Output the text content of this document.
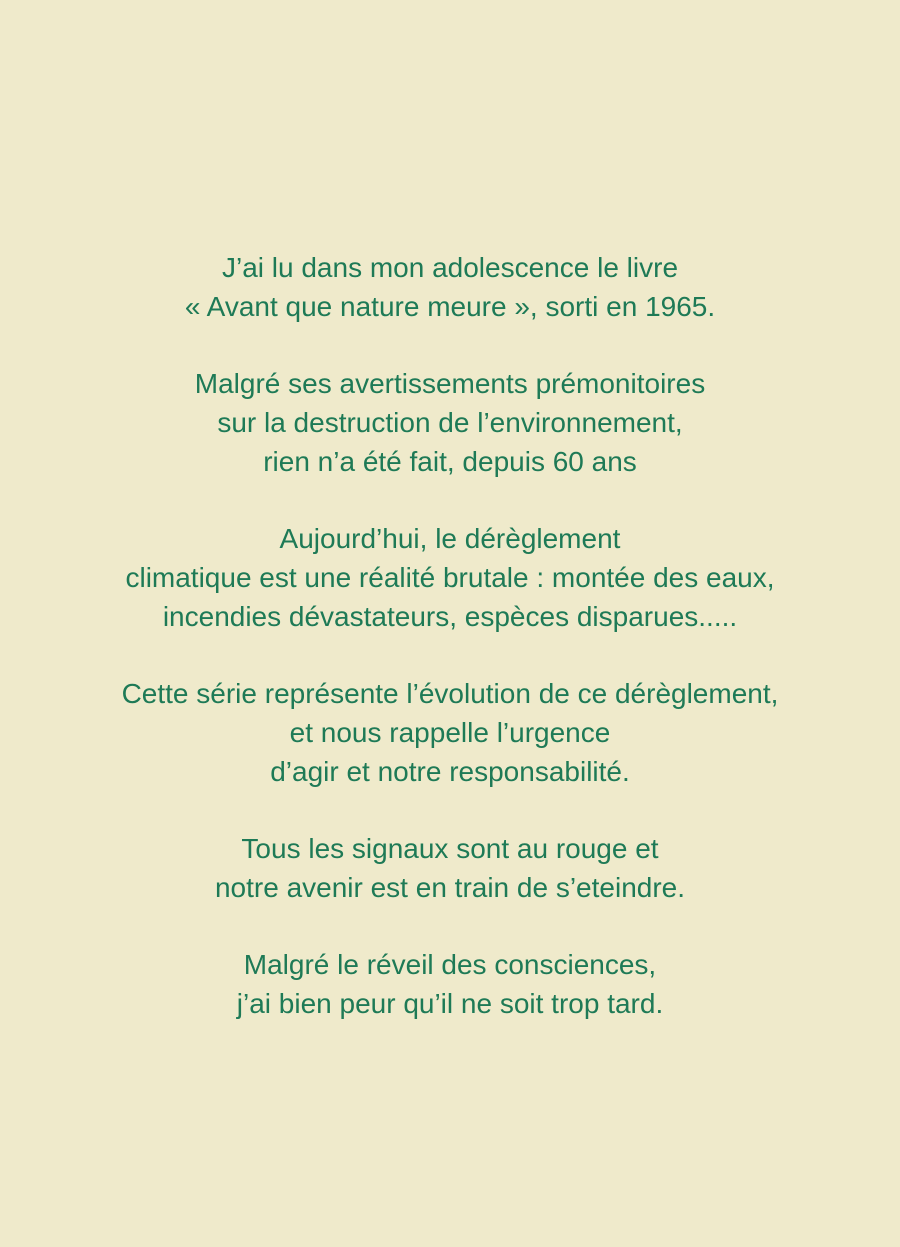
J’ai lu dans mon adolescence le livre
« Avant que nature meure », sorti en 1965.

Malgré ses avertissements prémonitoires
sur la destruction de l’environnement,
rien n’a été fait, depuis 60 ans

Aujourd’hui, le dérèglement
climatique est une réalité brutale : montée des eaux,
incendies dévastateurs, espèces disparues.....

Cette série représente l’évolution de ce dérèglement,
et nous rappelle l’urgence
d’agir et notre responsabilité.

Tous les signaux sont au rouge et
notre avenir est en train de s’eteindre.

Malgré le réveil des consciences,
j’ai bien peur qu’il ne soit trop tard.
